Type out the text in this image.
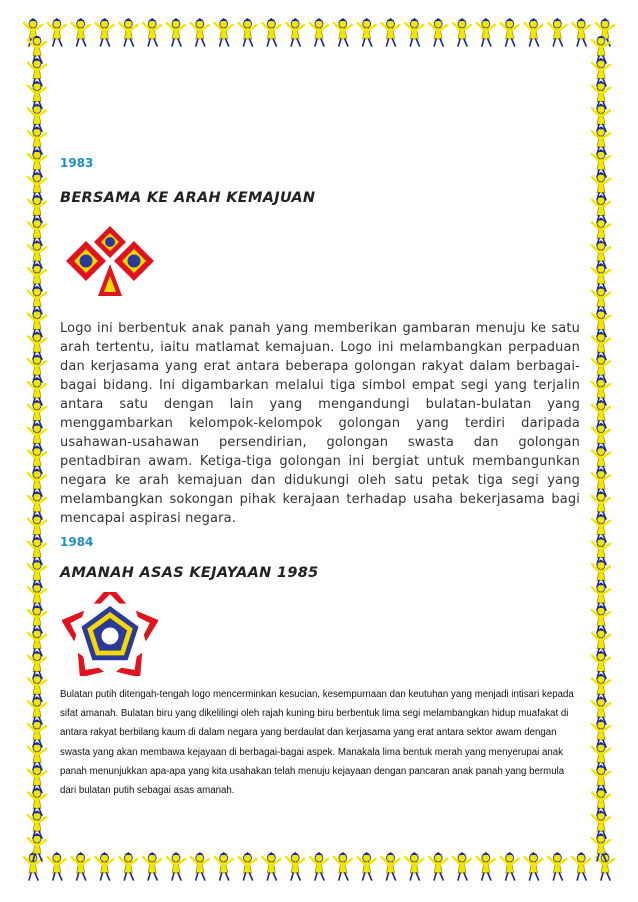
1983

BERSAMA KE ARAH KEMAJUAN

Logo ini berbentuk anak panah yang memberikan gambaran menuju ke satu arah tertentu, iaitu matlamat kemajuan. Logo ini melambangkan perpaduan dan kerjasama yang erat antara beberapa golongan rakyat dalam berbagai-bagai bidang. Ini digambarkan melalui tiga simbol empat segi yang terjalin antara satu dengan lain yang mengandungi bulatan-bulatan yang menggambarkan kelompok-kelompok golongan yang terdiri daripada usahawan-usahawan persendirian, golongan swasta dan golongan pentadbiran awam. Ketiga-tiga golongan ini bergiat untuk membangunkan negara ke arah kemajuan dan didukungi oleh satu petak tiga segi yang melambangkan sokongan pihak kerajaan terhadap usaha bekerjasama bagi mencapai aspirasi negara.

1984

AMANAH ASAS KEJAYAAN 1985

Bulatan putih ditengah-tengah logo mencerminkan kesucian, kesempurnaan dan keutuhan yang menjadi intisari kepada sifat amanah. Bulatan biru yang dikelilingi oleh rajah kuning biru berbentuk lima segi melambangkan hidup muafakat di antara rakyat berbilang kaum di dalam negara yang berdaulat dan kerjasama yang erat antara sektor awam dengan swasta yang akan membawa kejayaan di berbagai-bagai aspek. Manakala lima bentuk merah yang menyerupai anak panah menunjukkan apa-apa yang kita usahakan telah menuju kejayaan dengan pancaran anak panah yang bermula dari bulatan putih sebagai asas amanah.
